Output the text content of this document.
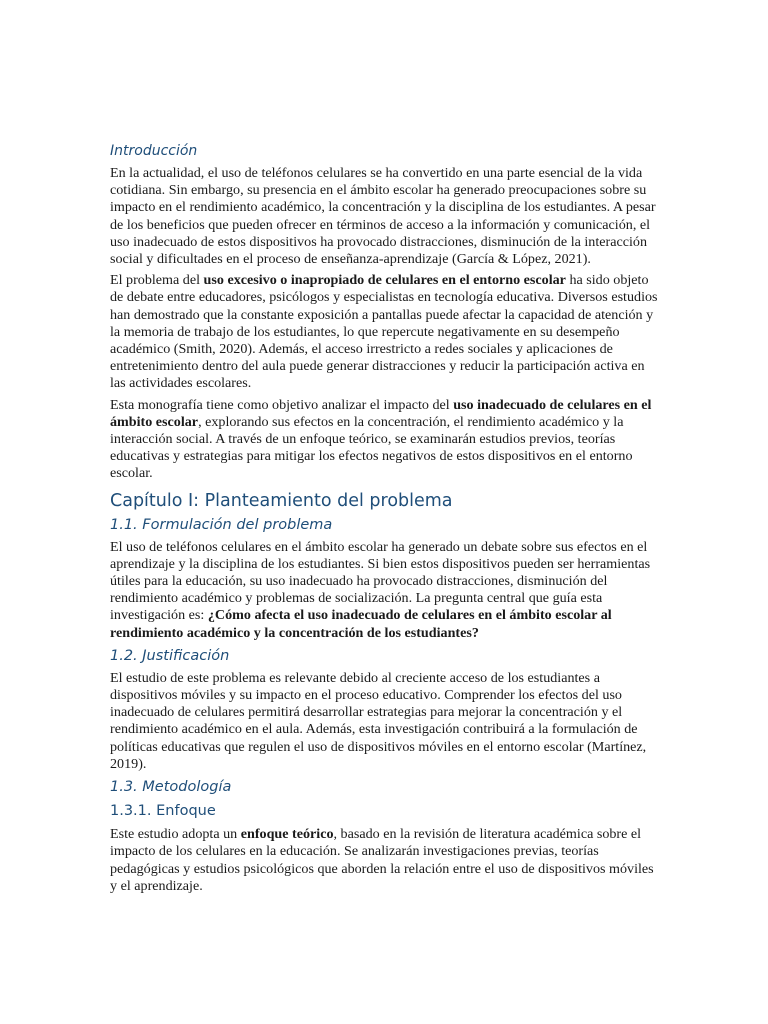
Introducción

En la actualidad, el uso de teléfonos celulares se ha convertido en una parte esencial de la vida cotidiana. Sin embargo, su presencia en el ámbito escolar ha generado preocupaciones sobre su impacto en el rendimiento académico, la concentración y la disciplina de los estudiantes. A pesar de los beneficios que pueden ofrecer en términos de acceso a la información y comunicación, el uso inadecuado de estos dispositivos ha provocado distracciones, disminución de la interacción social y dificultades en el proceso de enseñanza-aprendizaje (García & López, 2021).

El problema del uso excesivo o inapropiado de celulares en el entorno escolar ha sido objeto de debate entre educadores, psicólogos y especialistas en tecnología educativa. Diversos estudios han demostrado que la constante exposición a pantallas puede afectar la capacidad de atención y la memoria de trabajo de los estudiantes, lo que repercute negativamente en su desempeño académico (Smith, 2020). Además, el acceso irrestricto a redes sociales y aplicaciones de entretenimiento dentro del aula puede generar distracciones y reducir la participación activa en las actividades escolares.

Esta monografía tiene como objetivo analizar el impacto del uso inadecuado de celulares en el ámbito escolar, explorando sus efectos en la concentración, el rendimiento académico y la interacción social. A través de un enfoque teórico, se examinarán estudios previos, teorías educativas y estrategias para mitigar los efectos negativos de estos dispositivos en el entorno escolar.

Capítulo I: Planteamiento del problema
1.1. Formulación del problema

El uso de teléfonos celulares en el ámbito escolar ha generado un debate sobre sus efectos en el aprendizaje y la disciplina de los estudiantes. Si bien estos dispositivos pueden ser herramientas útiles para la educación, su uso inadecuado ha provocado distracciones, disminución del rendimiento académico y problemas de socialización. La pregunta central que guía esta investigación es: ¿Cómo afecta el uso inadecuado de celulares en el ámbito escolar al rendimiento académico y la concentración de los estudiantes?

1.2. Justificación

El estudio de este problema es relevante debido al creciente acceso de los estudiantes a dispositivos móviles y su impacto en el proceso educativo. Comprender los efectos del uso inadecuado de celulares permitirá desarrollar estrategias para mejorar la concentración y el rendimiento académico en el aula. Además, esta investigación contribuirá a la formulación de políticas educativas que regulen el uso de dispositivos móviles en el entorno escolar (Martínez, 2019).

1.3. Metodología
1.3.1. Enfoque

Este estudio adopta un enfoque teórico, basado en la revisión de literatura académica sobre el impacto de los celulares en la educación. Se analizarán investigaciones previas, teorías pedagógicas y estudios psicológicos que aborden la relación entre el uso de dispositivos móviles y el aprendizaje.
